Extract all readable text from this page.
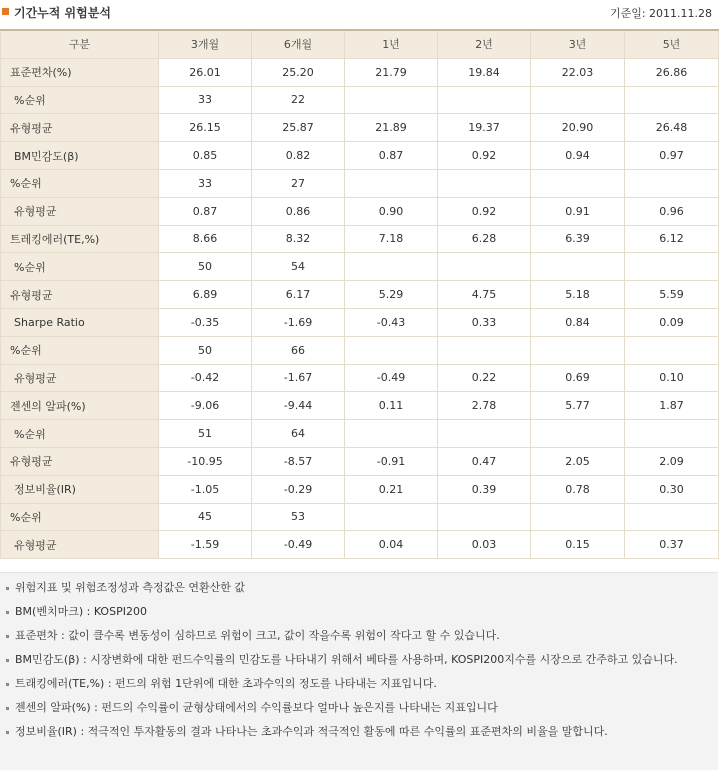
기간누적 위험분석	기준일: 2011.11.28
구분	3개월	6개월	1년	2년	3년	5년
표준편차(%)	26.01	25.20	21.79	19.84	22.03	26.86
%순위	33	22				
유형평균	26.15	25.87	21.89	19.37	20.90	26.48
BM민감도(β)	0.85	0.82	0.87	0.92	0.94	0.97
%순위	33	27				
유형평균	0.87	0.86	0.90	0.92	0.91	0.96
트레킹에러(TE,%)	8.66	8.32	7.18	6.28	6.39	6.12
%순위	50	54				
유형평균	6.89	6.17	5.29	4.75	5.18	5.59
Sharpe Ratio	-0.35	-1.69	-0.43	0.33	0.84	0.09
%순위	50	66				
유형평균	-0.42	-1.67	-0.49	0.22	0.69	0.10
젠센의 알파(%)	-9.06	-9.44	0.11	2.78	5.77	1.87
%순위	51	64				
유형평균	-10.95	-8.57	-0.91	0.47	2.05	2.09
정보비율(IR)	-1.05	-0.29	0.21	0.39	0.78	0.30
%순위	45	53				
유형평균	-1.59	-0.49	0.04	0.03	0.15	0.37
위험지표 및 위험조정성과 측정값은 연환산한 값
BM(벤치마크) : KOSPI200
표준편차 : 값이 클수록 변동성이 심하므로 위험이 크고, 값이 작을수록 위험이 작다고 할 수 있습니다.
BM민감도(β) : 시장변화에 대한 펀드수익률의 민감도를 나타내기 위해서 베타를 사용하며, KOSPI200지수를 시장으로 간주하고 있습니다.
트래킹에러(TE,%) : 펀드의 위험 1단위에 대한 초과수익의 정도를 나타내는 지표입니다.
젠센의 알파(%) : 펀드의 수익률이 균형상태에서의 수익률보다 얼마나 높은지를 나타내는 지표입니다
정보비율(IR) : 적극적인 투자활동의 결과 나타나는 초과수익과 적극적인 활동에 따른 수익률의 표준편차의 비율을 말합니다.
